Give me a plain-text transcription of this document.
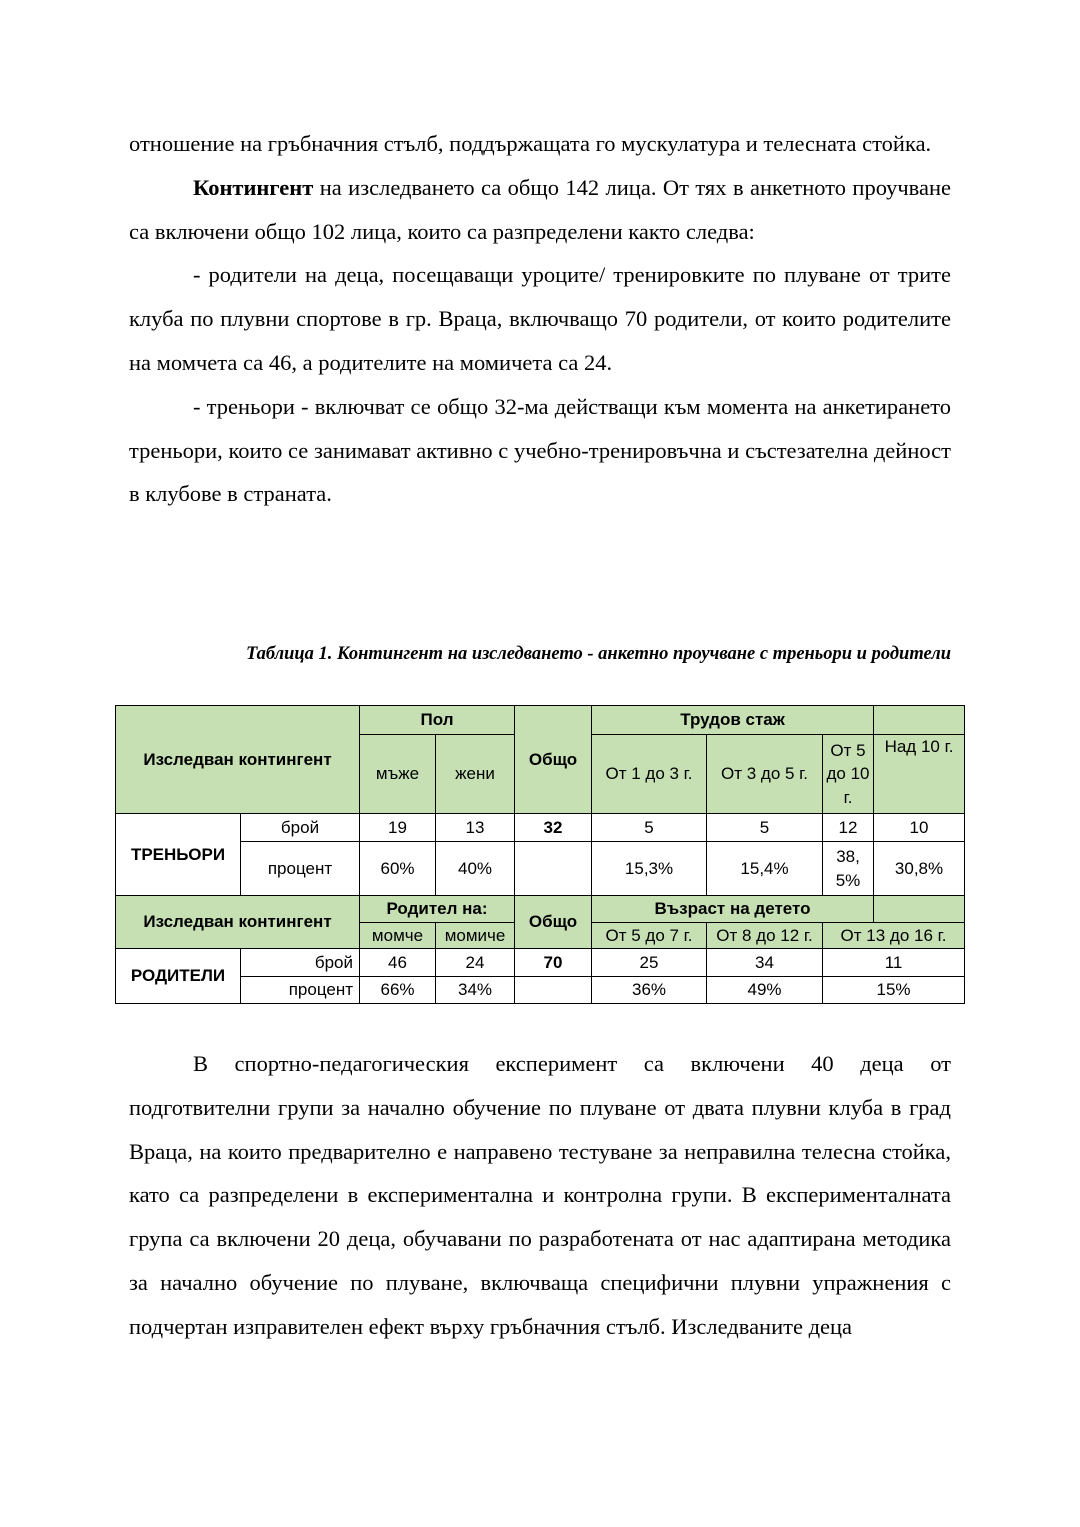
отношение на гръбначния стълб, поддържащата го мускулатура и телесната стойка.

Контингент на изследването са общо 142 лица. От тях в анкетното проучване са включени общо 102 лица, които са разпределени както следва:

- родители на деца, посещаващи уроците/ тренировките по плуване от трите клуба по плувни спортове в гр. Враца, включващо 70 родители, от които родителите на момчета са 46, а родителите на момичета са 24.

- треньори - включват се общо 32-ма действащи към момента на анкетирането треньори, които се занимават активно с учебно-тренировъчна и състезателна дейност в клубове в страната.

Таблица 1. Контингент на изследването - анкетно проучване с треньори и родители
Изследван контингент		Пол		Общо	Трудов стаж			
		мъже	жени		От 1 до 3 г.	От 3 до 5 г.	От 5 до 10 г.	Над 10 г.
ТРЕНЬОРИ	брой	19	13	32	5	5	12	10
	процент	60%	40%		15,3%	15,4%	38, 5%	30,8%
Изследван контингент		Родител на:		Общо	Възраст на детето			
		момче	момиче		От 5 до 7 г.	От 8 до 12 г.	От 13 до 16 г.	
РОДИТЕЛИ	брой	46	24	70	25	34	11	
	процент	66%	34%		36%	49%	15%	

В спортно-педагогическия експеримент са включени 40 деца от подготвителни групи за начално обучение по плуване от двата плувни клуба в град Враца, на които предварително е направено тестуване за неправилна телесна стойка, като са разпределени в експериментална и контролна групи. В експерименталната група са включени 20 деца, обучавани по разработената от нас адаптирана методика за начално обучение по плуване, включваща специфични плувни упражнения с подчертан изправителен ефект върху гръбначния стълб. Изследваните деца
